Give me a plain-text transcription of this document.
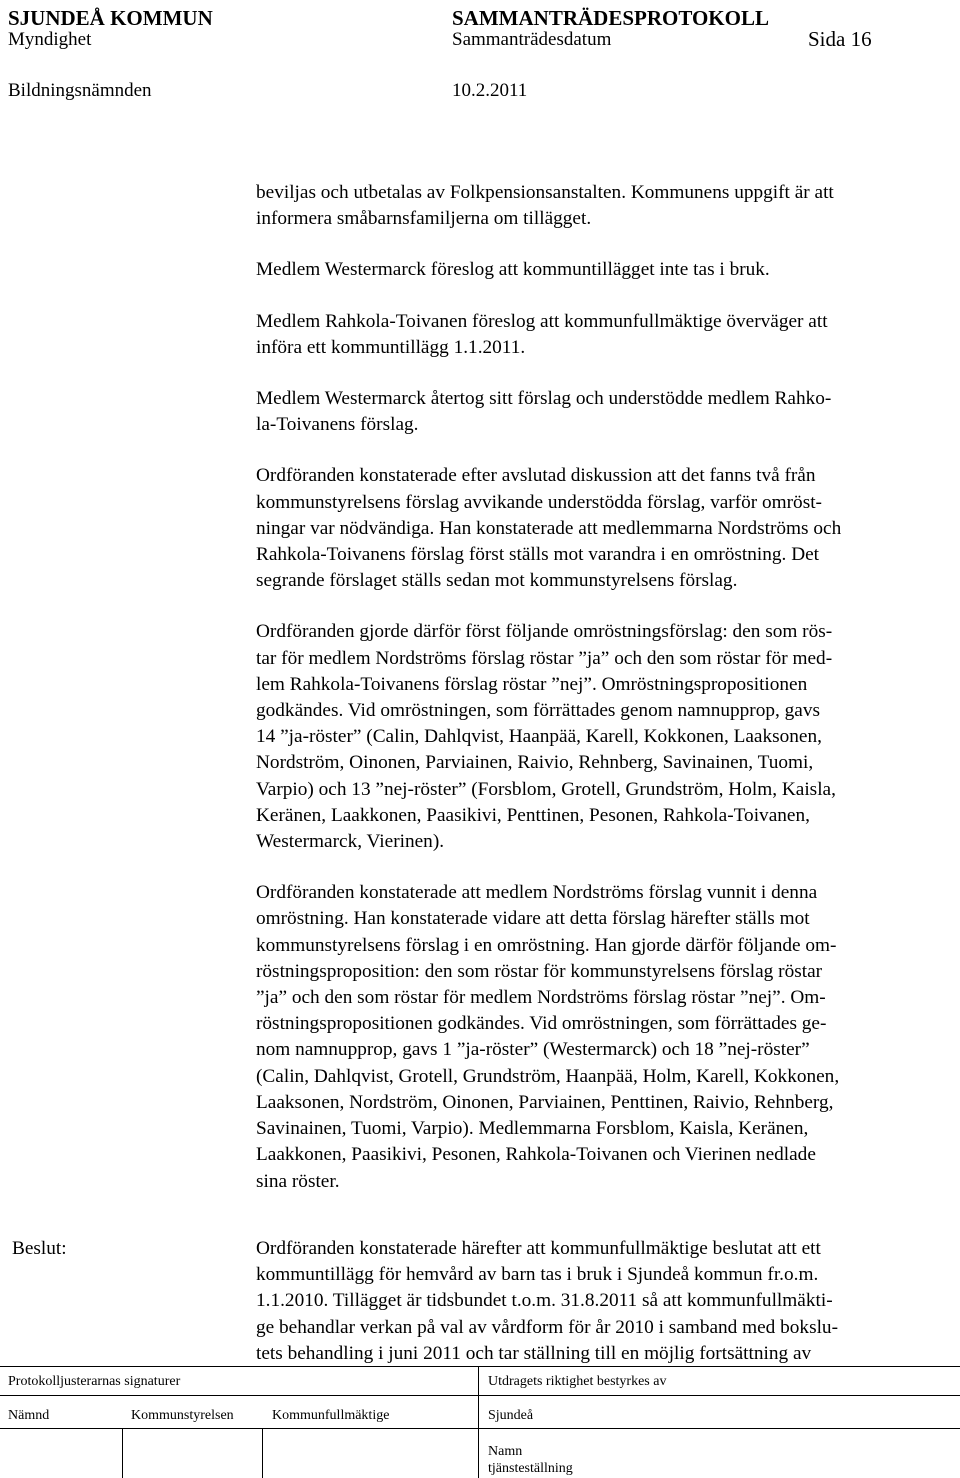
SJUNDEÅ KOMMUN	SAMMANTRÄDESPROTOKOLL
Myndighet	Sammanträdesdatum	Sida 16
Bildningsnämnden	10.2.2011

beviljas och utbetalas av Folkpensionsanstalten. Kommunens uppgift är att
informera småbarnsfamiljerna om tillägget.

Medlem Westermarck föreslog att kommuntillägget inte tas i bruk.

Medlem Rahkola-Toivanen föreslog att kommunfullmäktige överväger att
införa ett kommuntillägg 1.1.2011.

Medlem Westermarck återtog sitt förslag och understödde medlem Rahko-
la-Toivanens förslag.

Ordföranden konstaterade efter avslutad diskussion att det fanns två från
kommunstyrelsens förslag avvikande understödda förslag, varför omröst-
ningar var nödvändiga. Han konstaterade att medlemmarna Nordströms och
Rahkola-Toivanens förslag först ställs mot varandra i en omröstning. Det
segrande förslaget ställs sedan mot kommunstyrelsens förslag.

Ordföranden gjorde därför först följande omröstningsförslag: den som rös-
tar för medlem Nordströms förslag röstar ”ja” och den som röstar för med-
lem Rahkola-Toivanens förslag röstar ”nej”. Omröstningspropositionen
godkändes. Vid omröstningen, som förrättades genom namnupprop, gavs
14 ”ja-röster” (Calin, Dahlqvist, Haanpää, Karell, Kokkonen, Laaksonen,
Nordström, Oinonen, Parviainen, Raivio, Rehnberg, Savinainen, Tuomi,
Varpio) och 13 ”nej-röster” (Forsblom, Grotell, Grundström, Holm, Kaisla,
Keränen, Laakkonen, Paasikivi, Penttinen, Pesonen, Rahkola-Toivanen,
Westermarck, Vierinen).

Ordföranden konstaterade att medlem Nordströms förslag vunnit i denna
omröstning. Han konstaterade vidare att detta förslag härefter ställs mot
kommunstyrelsens förslag i en omröstning. Han gjorde därför följande om-
röstningsproposition: den som röstar för kommunstyrelsens förslag röstar
”ja” och den som röstar för medlem Nordströms förslag röstar ”nej”. Om-
röstningspropositionen godkändes. Vid omröstningen, som förrättades ge-
nom namnupprop, gavs 1 ”ja-röster” (Westermarck) och 18 ”nej-röster”
(Calin, Dahlqvist, Grotell, Grundström, Haanpää, Holm, Karell, Kokkonen,
Laaksonen, Nordström, Oinonen, Parviainen, Penttinen, Raivio, Rehnberg,
Savinainen, Tuomi, Varpio). Medlemmarna Forsblom, Kaisla, Keränen,
Laakkonen, Paasikivi, Pesonen, Rahkola-Toivanen och Vierinen nedlade
sina röster.

Beslut:	Ordföranden konstaterade härefter att kommunfullmäktige beslutat att ett
kommuntillägg för hemvård av barn tas i bruk i Sjundeå kommun fr.o.m.
1.1.2010. Tillägget är tidsbundet t.o.m. 31.8.2011 så att kommunfullmäkti-
ge behandlar verkan på val av vårdform för år 2010 i samband med bokslu-
tets behandling i juni 2011 och tar ställning till en möjlig fortsättning av
Protokolljusterarnas signaturer	Utdragets riktighet bestyrkes av
Nämnd	Kommunstyrelsen	Kommunfullmäktige	Sjundeå
Namn
tjänsteställning
